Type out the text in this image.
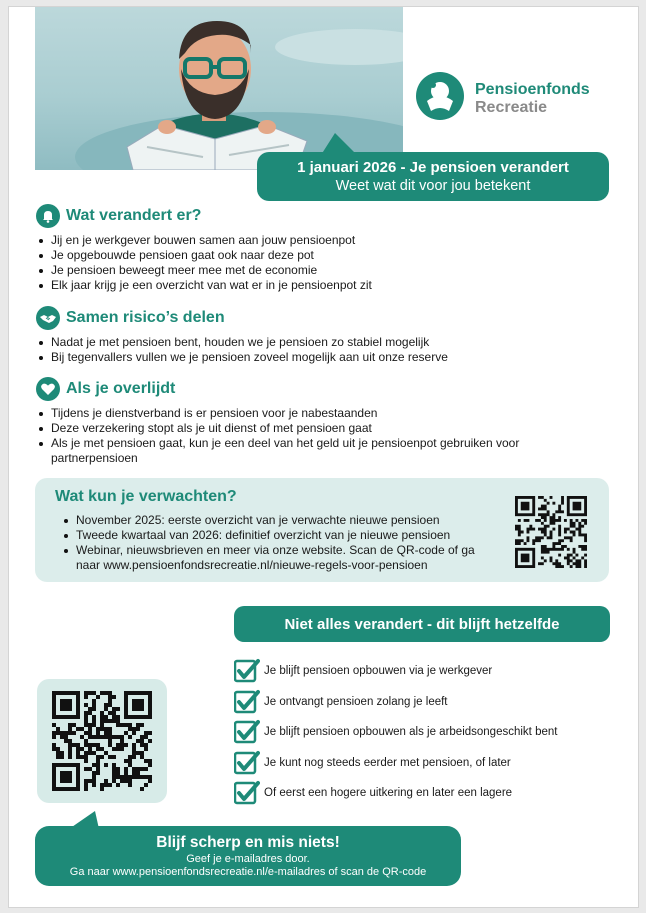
Pensioenfonds
Recreatie
1 januari 2026 - Je pensioen verandert
Weet wat dit voor jou betekent
Wat verandert er?
Jij en je werkgever bouwen samen aan jouw pensioenpot
Je opgebouwde pensioen gaat ook naar deze pot
Je pensioen beweegt meer mee met de economie
Elk jaar krijg je een overzicht van wat er in je pensioenpot zit
Samen risico’s delen
Nadat je met pensioen bent, houden we je pensioen zo stabiel mogelijk
Bij tegenvallers vullen we je pensioen zoveel mogelijk aan uit onze reserve
Als je overlijdt
Tijdens je dienstverband is er pensioen voor je nabestaanden
Deze verzekering stopt als je uit dienst of met pensioen gaat
Als je met pensioen gaat, kun je een deel van het geld uit je pensioenpot gebruiken voor partnerpensioen
Wat kun je verwachten?
November 2025: eerste overzicht van je verwachte nieuwe pensioen
Tweede kwartaal van 2026: definitief overzicht van je nieuwe pensioen
Webinar, nieuwsbrieven en meer via onze website. Scan de QR-code of ga naar www.pensioenfondsrecreatie.nl/nieuwe-regels-voor-pensioen
Niet alles verandert - dit blijft hetzelfde
Je blijft pensioen opbouwen via je werkgever
Je ontvangt pensioen zolang je leeft
Je blijft pensioen opbouwen als je arbeidsongeschikt bent
Je kunt nog steeds eerder met pensioen, of later
Of eerst een hogere uitkering en later een lagere
Blijf scherp en mis niets!
Geef je e-mailadres door.
Ga naar www.pensioenfondsrecreatie.nl/e-mailadres of scan de QR-code
